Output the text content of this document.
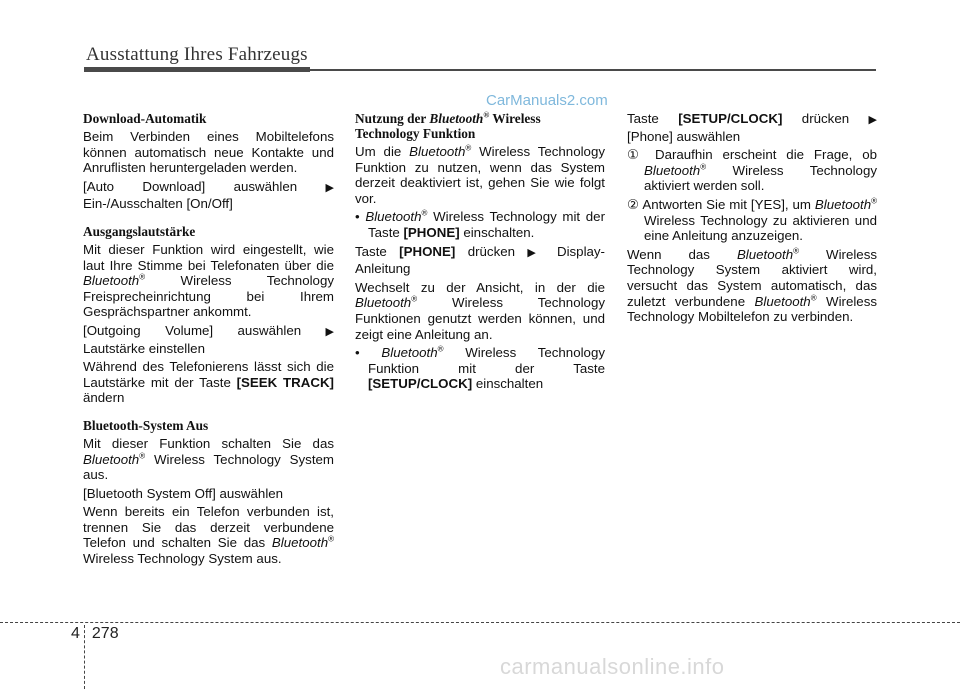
Ausstattung Ihres Fahrzeugs
CarManuals2.com
Download-Automatik

Beim Verbinden eines Mobiltelefons können automatisch neue Kontakte und Anruflisten heruntergeladen werden.

[Auto Download] auswählen	▶ Ein-/Ausschalten [On/Off]

Ausgangslautstärke

Mit dieser Funktion wird eingestellt, wie laut Ihre Stimme bei Telefonaten über die Bluetooth® Wireless Technology Freisprecheinrichtung bei Ihrem Gesprächspartner ankommt.

[Outgoing Volume] auswählen ▶ Lautstärke einstellen

Während des Telefonierens lässt sich die Lautstärke mit der Taste [SEEK TRACK] ändern

Bluetooth-System Aus

Mit dieser Funktion schalten Sie das Bluetooth® Wireless Technology System aus.

[Bluetooth System Off] auswählen

Wenn bereits ein Telefon verbunden ist, trennen Sie das derzeit verbundene Telefon und schalten Sie das Bluetooth® Wireless Technology System aus.

Nutzung der Bluetooth® Wireless Technology Funktion

Um die Bluetooth® Wireless Technology Funktion zu nutzen, wenn das System derzeit deaktiviert ist, gehen Sie wie folgt vor.

• Bluetooth® Wireless Technology mit der Taste [PHONE] einschalten.

Taste [PHONE] drücken ▶ Display-Anleitung

Wechselt zu der Ansicht, in der die Bluetooth® Wireless Technology Funktionen genutzt werden können, und zeigt eine Anleitung an.

• Bluetooth® Wireless Technology Funktion mit der Taste [SETUP/CLOCK] einschalten

Taste [SETUP/CLOCK] drücken ▶ [Phone] auswählen

① Daraufhin erscheint die Frage, ob Bluetooth® Wireless Technology aktiviert werden soll.
② Antworten Sie mit [YES], um Bluetooth® Wireless Technology zu aktivieren und eine Anleitung anzuzeigen.

Wenn das Bluetooth® Wireless Technology System aktiviert wird, versucht das System automatisch, das zuletzt verbundene Bluetooth® Wireless Technology Mobiltelefon zu verbinden.

4 278
carmanualsonline.info
